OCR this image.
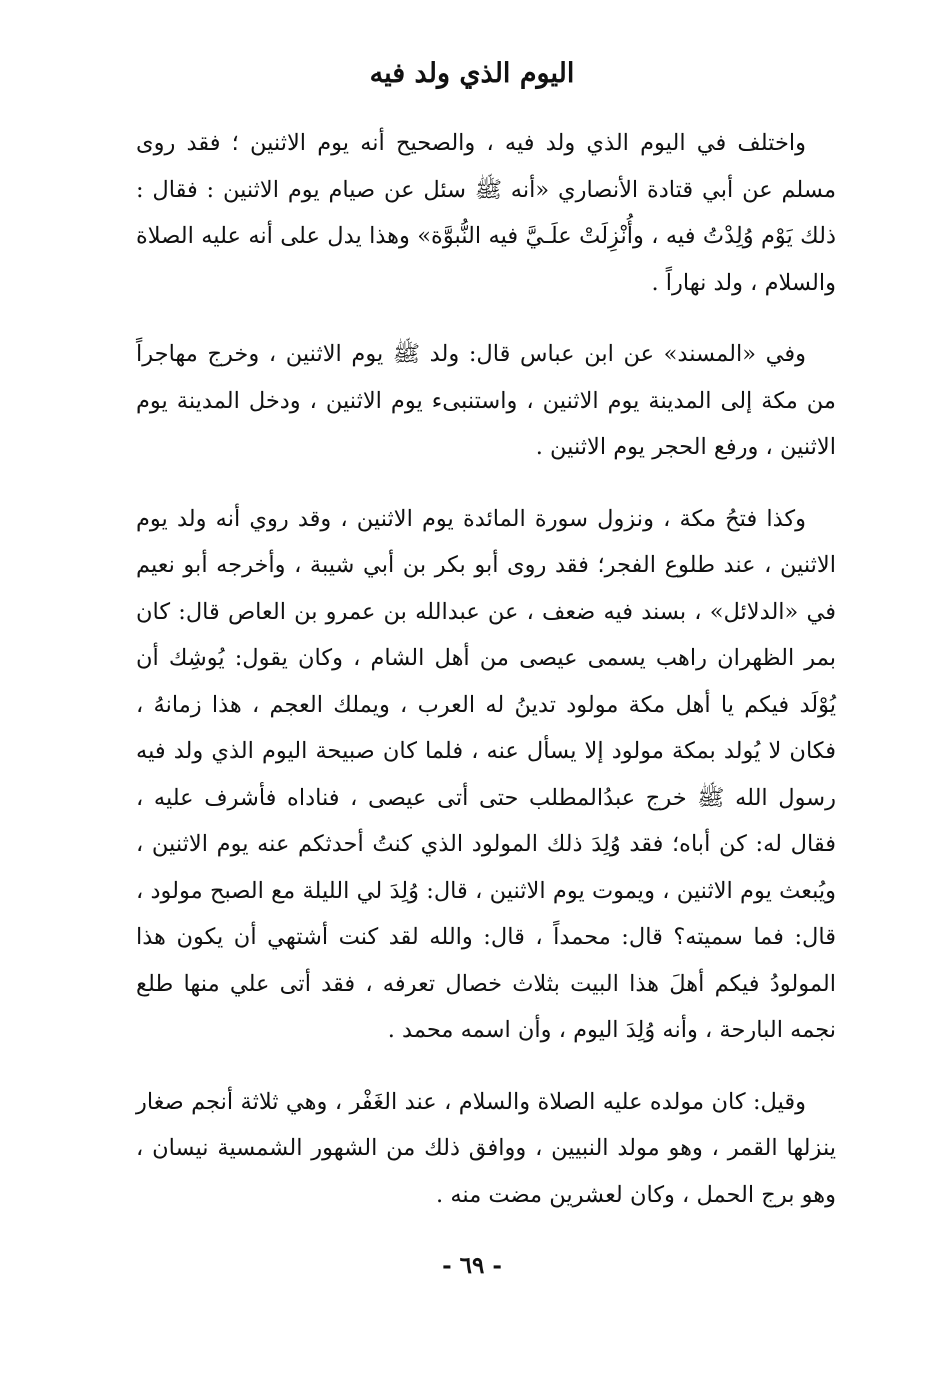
اليوم الذي ولد فيه

واختلف في اليوم الذي ولد فيه ، والصحيح أنه يوم الاثنين ؛ فقد روى مسلم عن أبي قتادة الأنصاري «أنه ﷺ سئل عن صيام يوم الاثنين : فقال : ذلك يَوْم وُلِدْتُ فيه ، وأُنْزِلَتْ علَـيَّ فيه النُّبوَّة» وهذا يدل على أنه عليه الصلاة والسلام ، ولد نهاراً .

وفي «المسند» عن ابن عباس قال: ولد ﷺ يوم الاثنين ، وخرج مهاجراً من مكة إلى المدينة يوم الاثنين ، واستنبىء يوم الاثنين ، ودخل المدينة يوم الاثنين ، ورفع الحجر يوم الاثنين .

وكذا فتحُ مكة ، ونزول سورة المائدة يوم الاثنين ، وقد روي أنه ولد يوم الاثنين ، عند طلوع الفجر؛ فقد روى أبو بكر بن أبي شيبة ، وأخرجه أبو نعيم في «الدلائل» ، بسند فيه ضعف ، عن عبدالله بن عمرو بن العاص قال: كان بمر الظهران راهب يسمى عيصى من أهل الشام ، وكان يقول: يُوشِك أن يُوْلَد فيكم يا أهل مكة مولود تدينُ له العرب ، ويملك العجم ، هذا زمانهُ ، فكان لا يُولد بمكة مولود إلا يسأل عنه ، فلما كان صبيحة اليوم الذي ولد فيه رسول الله ﷺ خرج عبدُالمطلب حتى أتى عيصى ، فناداه فأشرف عليه ، فقال له: كن أباه؛ فقد وُلِدَ ذلك المولود الذي كنتُ أحدثكم عنه يوم الاثنين ، ويُبعث يوم الاثنين ، ويموت يوم الاثنين ، قال: وُلِدَ لي الليلة مع الصبح مولود ، قال: فما سميته؟ قال: محمداً ، قال: والله لقد كنت أشتهي أن يكون هذا المولودُ فيكم أهلَ هذا البيت بثلاث خصال تعرفه ، فقد أتى علي منها طلع نجمه البارحة ، وأنه وُلِدَ اليوم ، وأن اسمه محمد .

وقيل: كان مولده عليه الصلاة والسلام ، عند الغَفْر ، وهي ثلاثة أنجم صغار ينزلها القمر ، وهو مولد النبيين ، ووافق ذلك من الشهور الشمسية نيسان ، وهو برج الحمل ، وكان لعشرين مضت منه .

- ٦٩ -
